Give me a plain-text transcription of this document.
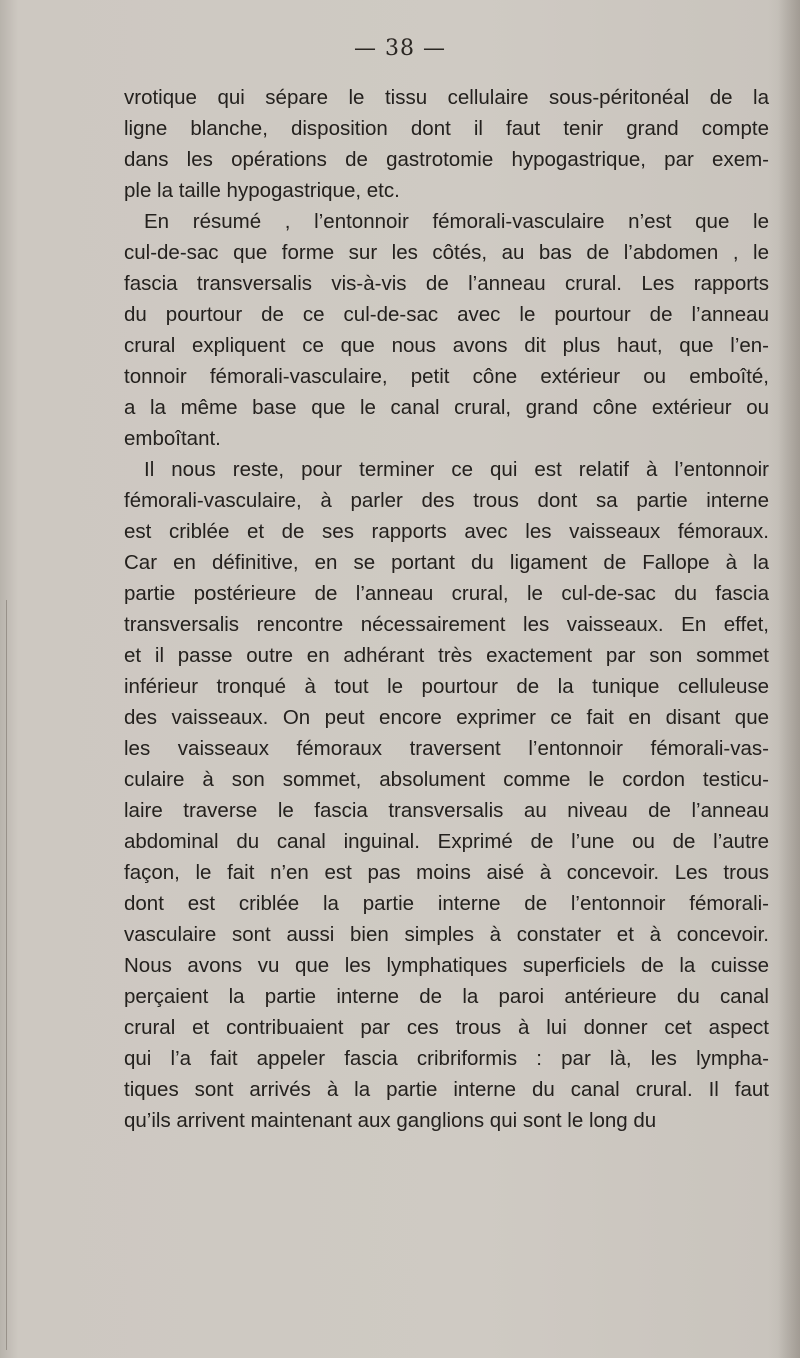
— 38 —
vrotique qui sépare le tissu cellulaire sous-péritonéal de la
ligne blanche, disposition dont il faut tenir grand compte
dans les opérations de gastrotomie hypogastrique, par exem-
ple la taille hypogastrique, etc.
En résumé , l’entonnoir fémorali-vasculaire n’est que le
cul-de-sac que forme sur les côtés, au bas de l’abdomen , le
fascia transversalis vis-à-vis de l’anneau crural. Les rapports
du pourtour de ce cul-de-sac avec le pourtour de l’anneau
crural expliquent ce que nous avons dit plus haut, que l’en-
tonnoir fémorali-vasculaire, petit cône extérieur ou emboîté,
a la même base que le canal crural, grand cône extérieur ou
emboîtant.
Il nous reste, pour terminer ce qui est relatif à l’entonnoir
fémorali-vasculaire, à parler des trous dont sa partie interne
est criblée et de ses rapports avec les vaisseaux fémoraux.
Car en définitive, en se portant du ligament de Fallope à la
partie postérieure de l’anneau crural, le cul-de-sac du fascia
transversalis rencontre nécessairement les vaisseaux. En effet,
et il passe outre en adhérant très exactement par son sommet
inférieur tronqué à tout le pourtour de la tunique celluleuse
des vaisseaux. On peut encore exprimer ce fait en disant que
les vaisseaux fémoraux traversent l’entonnoir fémorali-vas-
culaire à son sommet, absolument comme le cordon testicu-
laire traverse le fascia transversalis au niveau de l’anneau
abdominal du canal inguinal. Exprimé de l’une ou de l’autre
façon, le fait n’en est pas moins aisé à concevoir. Les trous
dont est criblée la partie interne de l’entonnoir fémorali-
vasculaire sont aussi bien simples à constater et à concevoir.
Nous avons vu que les lymphatiques superficiels de la cuisse
perçaient la partie interne de la paroi antérieure du canal
crural et contribuaient par ces trous à lui donner cet aspect
qui l’a fait appeler fascia cribriformis : par là, les lympha-
tiques sont arrivés à la partie interne du canal crural. Il faut
qu’ils arrivent maintenant aux ganglions qui sont le long du
